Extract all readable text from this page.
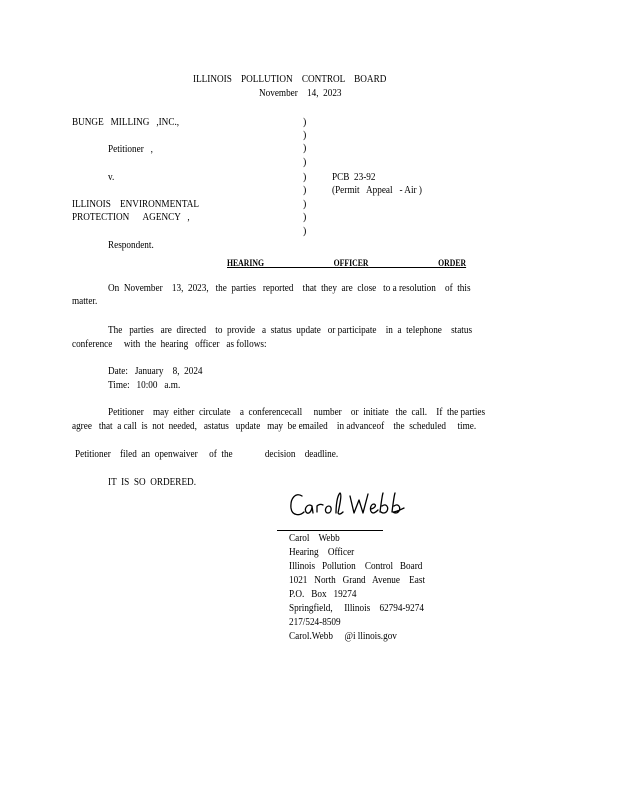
ILLINOIS    POLLUTION    CONTROL    BOARD
November    14,  2023
BUNGE   MILLING   ,INC.,
Petitioner   ,
v.
ILLINOIS    ENVIRONMENTAL
PROTECTION      AGENCY   ,
Respondent.
)
)
)
)
)
)
)
)
)
PCB  23-92
(Permit   Appeal   - Air )
HEARING    OFFICER    ORDER
On  November    13,  2023,   the  parties   reported    that  they  are  close   to a resolution    of  this
matter.
The   parties   are  directed    to  provide   a  status  update   or participate    in  a  telephone    status
conference     with  the  hearing   officer   as follows:
Date:   January    8,  2024
Time:   10:00   a.m.
Petitioner    may  either  circulate    a  conferencecall     number    or  initiate   the  call.    If  the parties
agree   that  a call  is  not  needed,   astatus   update   may  be emailed    in advanceof    the  scheduled     time.
Petitioner    filed  an  openwaiver     of  the              decision    deadline.
IT  IS  SO  ORDERED.
Carol    Webb
Hearing    Officer
Illinois   Pollution    Control   Board
1021   North   Grand   Avenue    East
P.O.   Box   19274
Springfield,     Illinois    62794-9274
217/524-8509
Carol.Webb     @i llinois.gov
